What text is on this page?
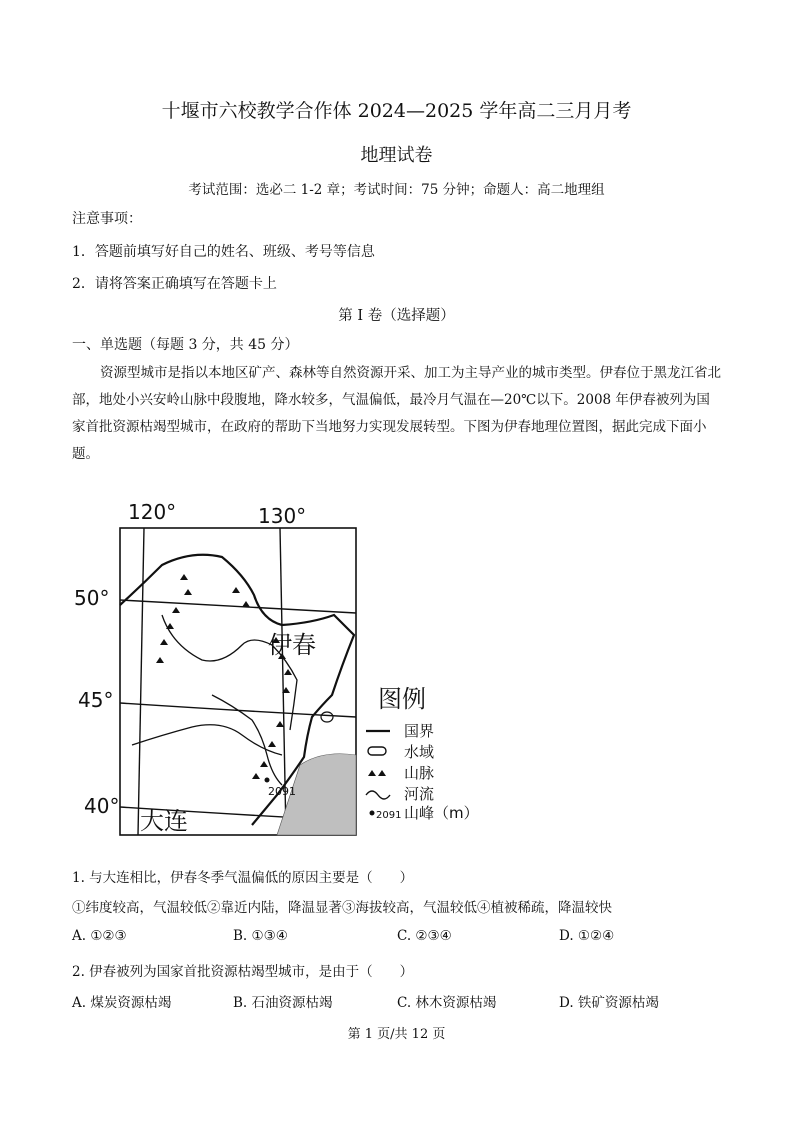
十堰市六校教学合作体 2024—2025 学年高二三月月考
地理试卷
考试范围：选必二 1-2 章；考试时间：75 分钟；命题人：高二地理组
注意事项：
1．答题前填写好自己的姓名、班级、考号等信息
2．请将答案正确填写在答题卡上
第 I 卷（选择题）
一、单选题（每题 3 分，共 45 分）
资源型城市是指以本地区矿产、森林等自然资源开采、加工为主导产业的城市类型。伊春位于黑龙江省北部，地处小兴安岭山脉中段腹地，降水较多，气温偏低，最冷月气温在—20℃以下。2008 年伊春被列为国家首批资源枯竭型城市，在政府的帮助下当地努力实现发展转型。下图为伊春地理位置图，据此完成下面小题。
120°	130°
50°
45°
40°
伊春
大连
2091
图例
国界
水域
山脉
河流
2091 山峰（m）
1. 与大连相比，伊春冬季气温偏低的原因主要是（　　）
①纬度较高，气温较低②靠近内陆，降温显著③海拔较高，气温较低④植被稀疏，降温较快
A. ①②③	B. ①③④	C. ②③④	D. ①②④
2. 伊春被列为国家首批资源枯竭型城市，是由于（　　）
A. 煤炭资源枯竭	B. 石油资源枯竭	C. 林木资源枯竭	D. 铁矿资源枯竭
第 1 页/共 12 页
